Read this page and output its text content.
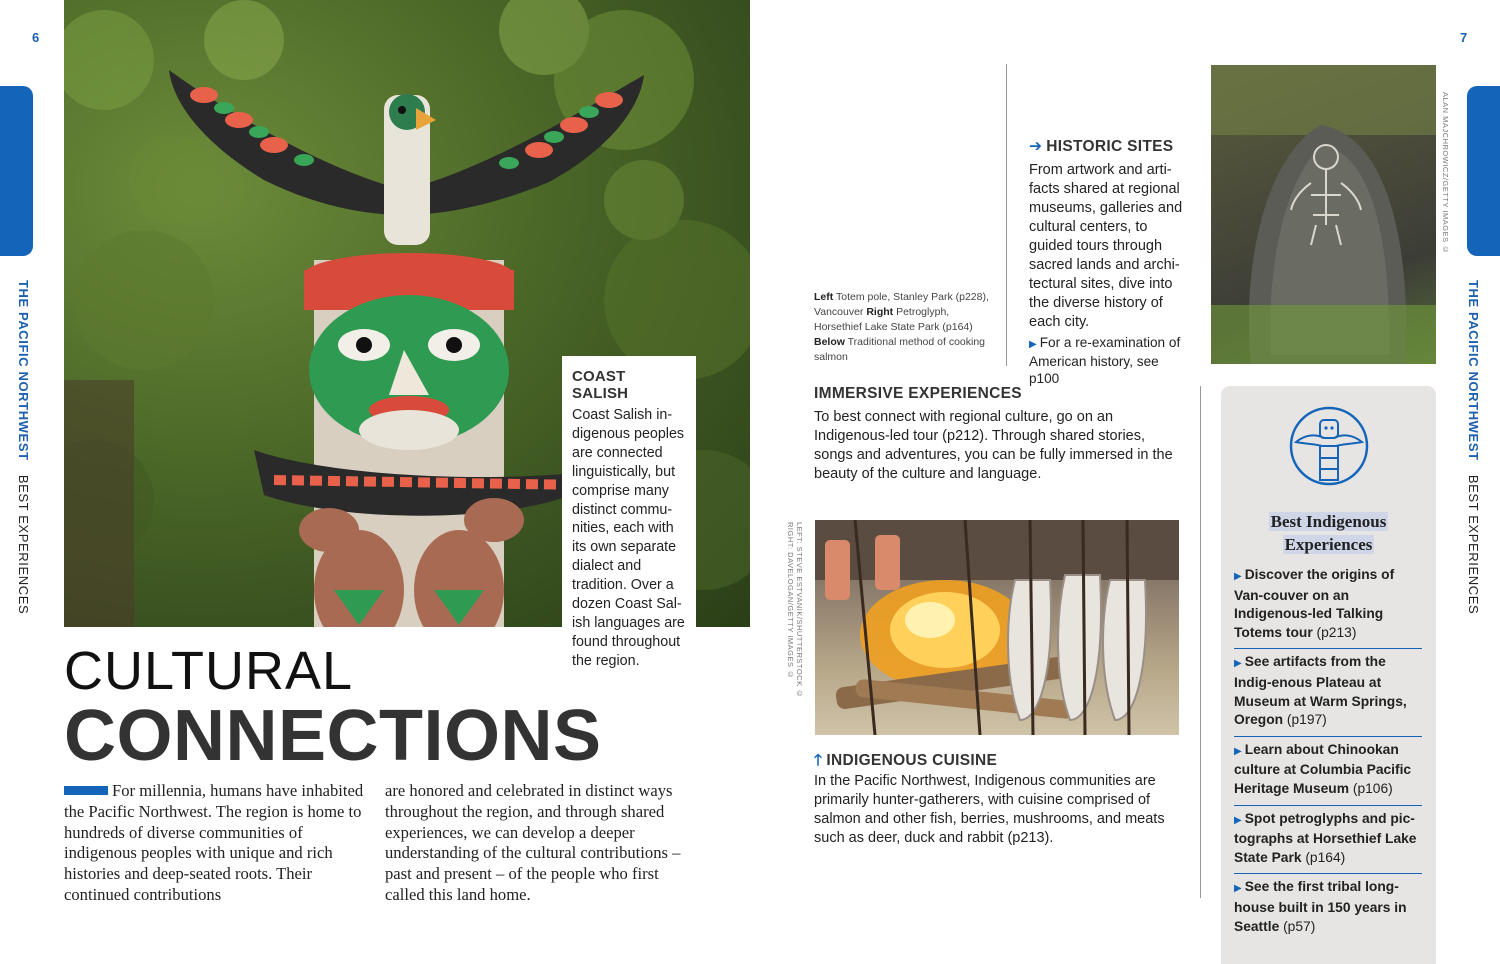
6
THE PACIFIC NORTHWEST BEST EXPERIENCES
COAST SALISH
Coast Salish in-digenous peoples are connected linguistically, but comprise many distinct commu-nities, each with its own separate dialect and tradition. Over a dozen Coast Sal-ish languages are found throughout the region.
CULTURAL
CONNECTIONS
For millennia, humans have inhabited the Pacific Northwest. The region is home to hundreds of diverse communities of indigenous peoples with unique and rich histories and deep-seated roots. Their continued contributions
are honored and celebrated in distinct ways throughout the region, and through shared experiences, we can develop a deeper understanding of the cultural contributions – past and present – of the people who first called this land home.
7
THE PACIFIC NORTHWEST BEST EXPERIENCES
Left Totem pole, Stanley Park (p228), Vancouver Right Petroglyph, Horsethief Lake State Park (p164) Below Traditional method of cooking salmon
➔ HISTORIC SITES
From artwork and arti-facts shared at regional museums, galleries and cultural centers, to guided tours through sacred lands and archi-tectural sites, dive into the diverse history of each city.
▶ For a re-examination of American history, see p100
ALAN MAJCHROWICZ/GETTY IMAGES ©
IMMERSIVE EXPERIENCES
To best connect with regional culture, go on an Indigenous-led tour (p212). Through shared stories, songs and adventures, you can be fully immersed in the beauty of the culture and language.
RIGHT: DAVELOGAN/GETTY IMAGES © LEFT: STEVE ESTVANIK/SHUTTERSTOCK ©
🡑 INDIGENOUS CUISINE
In the Pacific Northwest, Indigenous communities are primarily hunter-gatherers, with cuisine comprised of salmon and other fish, berries, mushrooms, and meats such as deer, duck and rabbit (p213).
Best Indigenous
Experiences
▶ Discover the origins of Van-couver on an Indigenous-led Talking Totems tour (p213)
▶ See artifacts from the Indig-enous Plateau at Museum at Warm Springs, Oregon (p197)
▶ Learn about Chinookan culture at Columbia Pacific Heritage Museum (p106)
▶ Spot petroglyphs and pic-tographs at Horsethief Lake State Park (p164)
▶ See the first tribal long-house built in 150 years in Seattle (p57)
